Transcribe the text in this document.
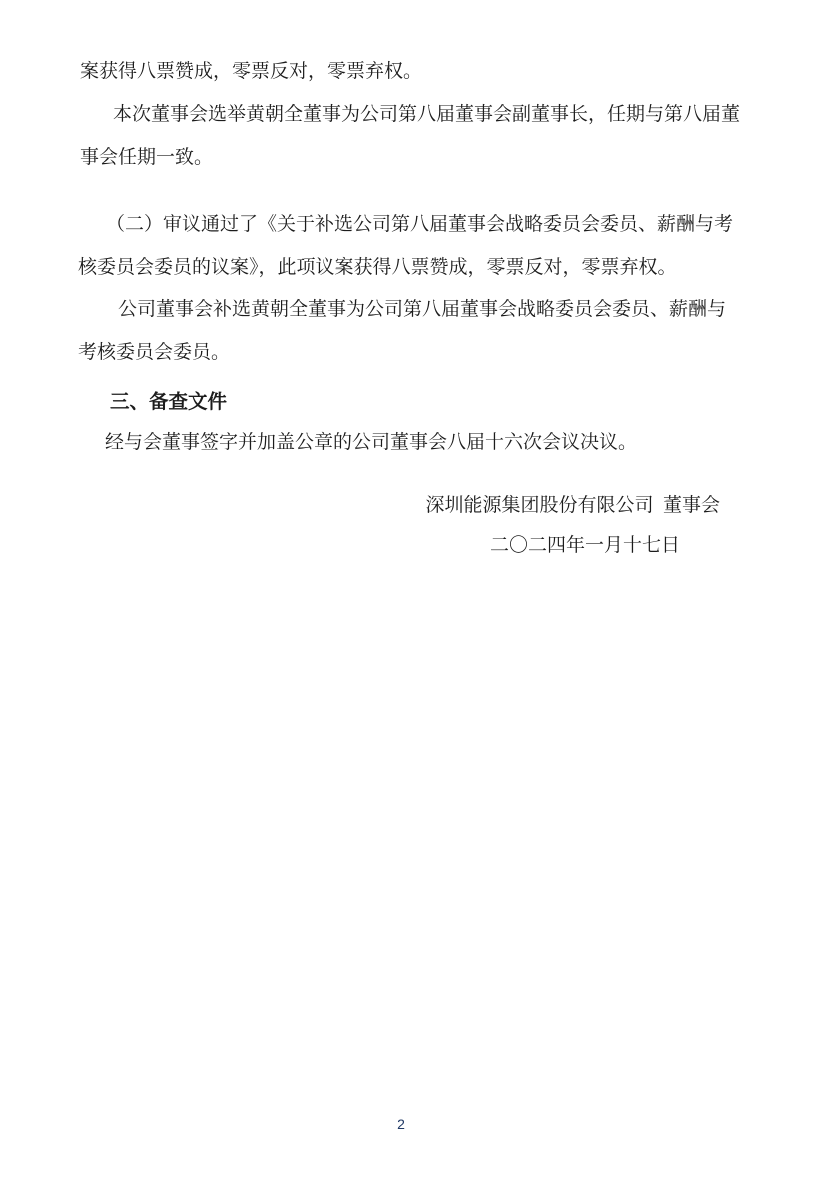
案获得八票赞成，零票反对，零票弃权。
本次董事会选举黄朝全董事为公司第八届董事会副董事长，任期与第八届董
事会任期一致。
（二）审议通过了《关于补选公司第八届董事会战略委员会委员、薪酬与考
核委员会委员的议案》，此项议案获得八票赞成，零票反对，零票弃权。
公司董事会补选黄朝全董事为公司第八届董事会战略委员会委员、薪酬与
考核委员会委员。
三、备查文件
经与会董事签字并加盖公章的公司董事会八届十六次会议决议。
深圳能源集团股份有限公司  董事会
二〇二四年一月十七日
2
